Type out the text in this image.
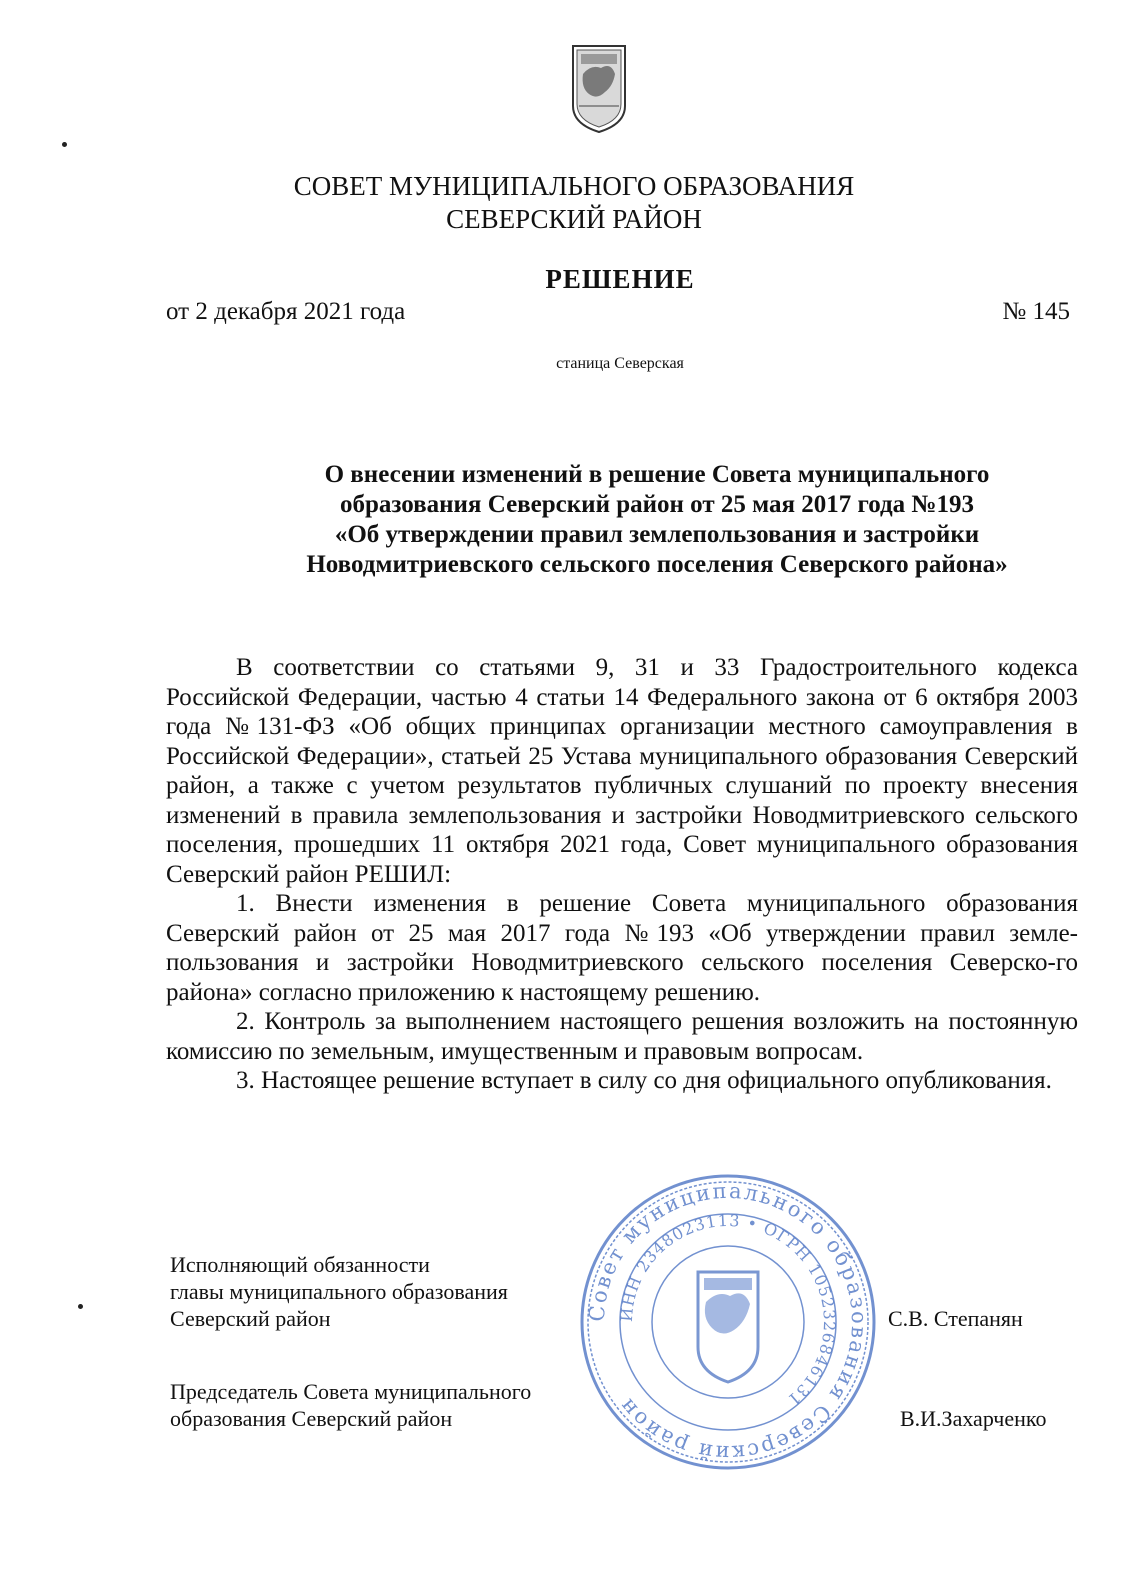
СОВЕТ МУНИЦИПАЛЬНОГО ОБРАЗОВАНИЯ
СЕВЕРСКИЙ РАЙОН
РЕШЕНИЕ
от 2 декабря 2021 года	№ 145
станица Северская
О внесении изменений в решение Совета муниципального
образования Северский район от 25 мая 2017 года №193
«Об утверждении правил землепользования и застройки
Новодмитриевского сельского поселения Северского района»

В соответствии со статьями 9, 31 и 33 Градостроительного кодекса Российской Федерации, частью 4 статьи 14 Федерального закона от 6 октября 2003 года №131-ФЗ «Об общих принципах организации местного самоуправления в Российской Федерации», статьей 25 Устава муниципального образования Северский район, а также с учетом результатов публичных слушаний по проекту внесения изменений в правила землепользования и застройки Новодмитриевского сельского поселения, прошедших 11 октября 2021 года, Совет муниципального образования Северский район РЕШИЛ:

1. Внести изменения в решение Совета муниципального образования Северский район от 25 мая 2017 года №193 «Об утверждении правил земле-пользования и застройки Новодмитриевского сельского поселения Северско-го района» согласно приложению к настоящему решению.

2. Контроль за выполнением настоящего решения возложить на постоянную комиссию по земельным, имущественным и правовым вопросам.

3. Настоящее решение вступает в силу со дня официального опубликования.

Совет муниципального образования Северский район
ИНН 2348023113 • ОГРН 1052326846131
Исполняющий обязанности
главы муниципального образования
Северский район	С.В. Степанян
Председатель Совета муниципального
образования Северский район	В.И.Захарченко
